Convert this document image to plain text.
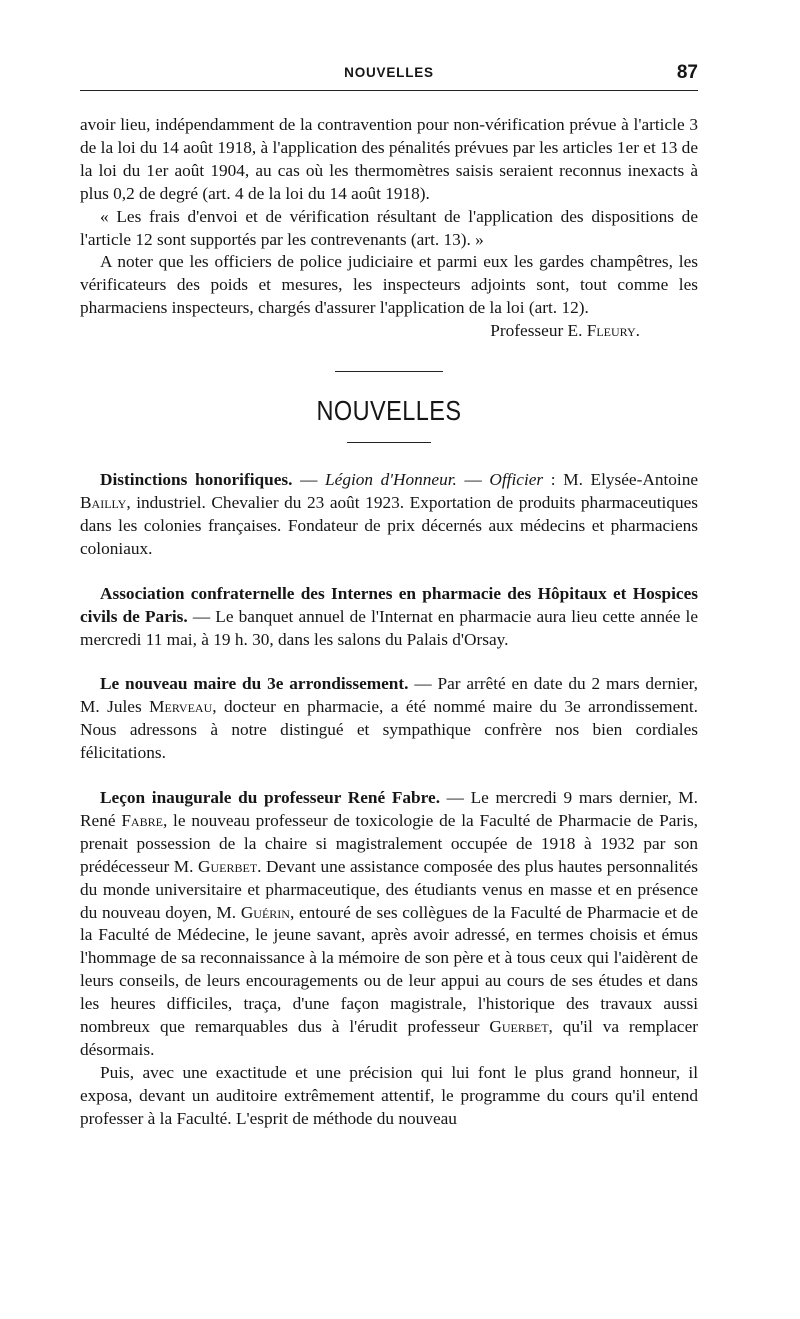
NOUVELLES	87

avoir lieu, indépendamment de la contravention pour non-vérification prévue à l'article 3 de la loi du 14 août 1918, à l'application des pénalités prévues par les articles 1er et 13 de la loi du 1er août 1904, au cas où les thermomètres saisis seraient reconnus inexacts à plus 0,2 de degré (art. 4 de la loi du 14 août 1918).

« Les frais d'envoi et de vérification résultant de l'application des dispositions de l'article 12 sont supportés par les contrevenants (art. 13). »

A noter que les officiers de police judiciaire et parmi eux les gardes champêtres, les vérificateurs des poids et mesures, les inspecteurs adjoints sont, tout comme les pharmaciens inspecteurs, chargés d'assurer l'application de la loi (art. 12).

Professeur E. Fleury.

NOUVELLES

Distinctions honorifiques. — Légion d'Honneur. — Officier : M. Elysée-Antoine Bailly, industriel. Chevalier du 23 août 1923. Exportation de produits pharmaceutiques dans les colonies françaises. Fondateur de prix décernés aux médecins et pharmaciens coloniaux.

Association confraternelle des Internes en pharmacie des Hôpitaux et Hospices civils de Paris. — Le banquet annuel de l'Internat en pharmacie aura lieu cette année le mercredi 11 mai, à 19 h. 30, dans les salons du Palais d'Orsay.

Le nouveau maire du 3e arrondissement. — Par arrêté en date du 2 mars dernier, M. Jules Merveau, docteur en pharmacie, a été nommé maire du 3e arrondissement. Nous adressons à notre distingué et sympathique confrère nos bien cordiales félicitations.

Leçon inaugurale du professeur René Fabre. — Le mercredi 9 mars dernier, M. René Fabre, le nouveau professeur de toxicologie de la Faculté de Pharmacie de Paris, prenait possession de la chaire si magistralement occupée de 1918 à 1932 par son prédécesseur M. Guerbet. Devant une assistance composée des plus hautes personnalités du monde universitaire et pharmaceutique, des étudiants venus en masse et en présence du nouveau doyen, M. Guérin, entouré de ses collègues de la Faculté de Pharmacie et de la Faculté de Médecine, le jeune savant, après avoir adressé, en termes choisis et émus l'hommage de sa reconnaissance à la mémoire de son père et à tous ceux qui l'aidèrent de leurs conseils, de leurs encouragements ou de leur appui au cours de ses études et dans les heures difficiles, traça, d'une façon magistrale, l'historique des travaux aussi nombreux que remarquables dus à l'érudit professeur Guerbet, qu'il va remplacer désormais.

Puis, avec une exactitude et une précision qui lui font le plus grand honneur, il exposa, devant un auditoire extrêmement attentif, le programme du cours qu'il entend professer à la Faculté. L'esprit de méthode du nouveau
